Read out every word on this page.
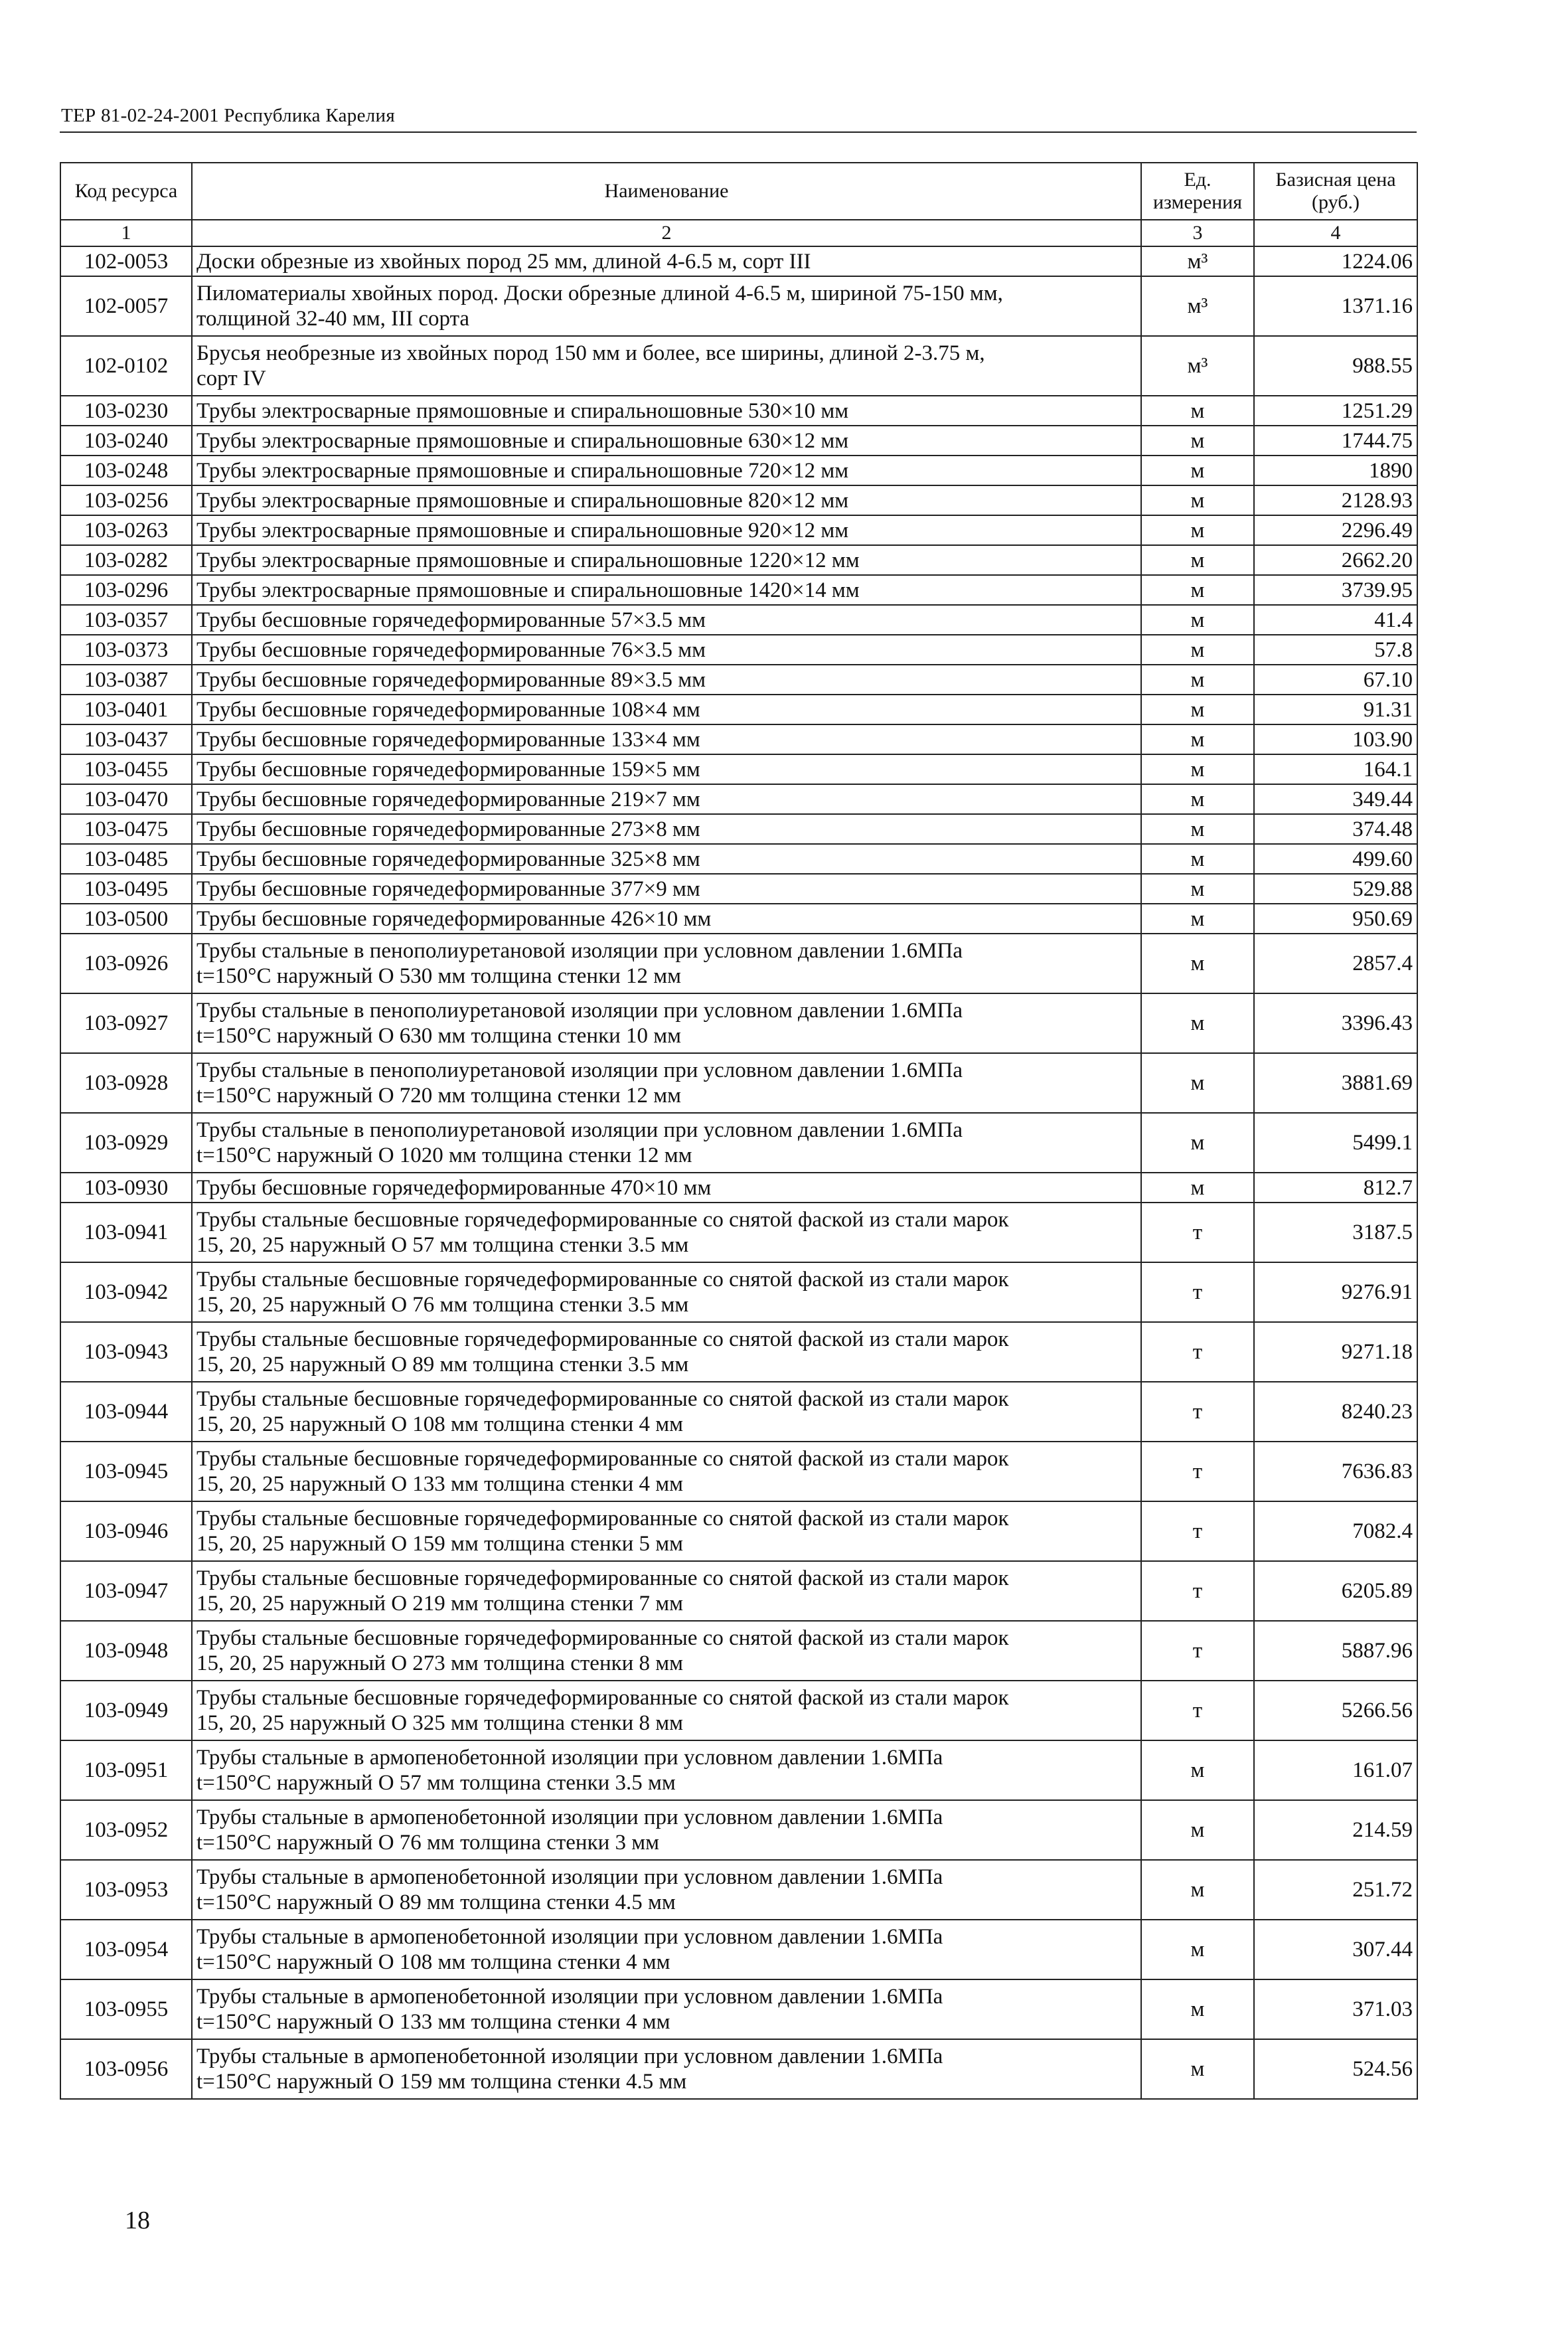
ТЕР 81-02-24-2001 Республика Карелия
Код ресурса	Наименование	Ед. измерения	Базисная цена (руб.)
1	2	3	4
102-0053	Доски обрезные из хвойных пород 25 мм, длиной 4-6.5 м, сорт III	м³	1224.06
102-0057	Пиломатериалы хвойных пород. Доски обрезные длиной 4-6.5 м, шириной 75-150 мм,
толщиной 32-40 мм, III сорта	м³	1371.16
102-0102	Брусья необрезные из хвойных пород 150 мм и более, все ширины, длиной 2-3.75 м,
сорт IV	м³	988.55
103-0230	Трубы электросварные прямошовные и спиральношовные 530×10 мм	м	1251.29
103-0240	Трубы электросварные прямошовные и спиральношовные 630×12 мм	м	1744.75
103-0248	Трубы электросварные прямошовные и спиральношовные 720×12 мм	м	1890
103-0256	Трубы электросварные прямошовные и спиральношовные 820×12 мм	м	2128.93
103-0263	Трубы электросварные прямошовные и спиральношовные 920×12 мм	м	2296.49
103-0282	Трубы электросварные прямошовные и спиральношовные 1220×12 мм	м	2662.20
103-0296	Трубы электросварные прямошовные и спиральношовные 1420×14 мм	м	3739.95
103-0357	Трубы бесшовные горячедеформированные 57×3.5 мм	м	41.4
103-0373	Трубы бесшовные горячедеформированные 76×3.5 мм	м	57.8
103-0387	Трубы бесшовные горячедеформированные 89×3.5 мм	м	67.10
103-0401	Трубы бесшовные горячедеформированные 108×4 мм	м	91.31
103-0437	Трубы бесшовные горячедеформированные 133×4 мм	м	103.90
103-0455	Трубы бесшовные горячедеформированные 159×5 мм	м	164.1
103-0470	Трубы бесшовные горячедеформированные 219×7 мм	м	349.44
103-0475	Трубы бесшовные горячедеформированные 273×8 мм	м	374.48
103-0485	Трубы бесшовные горячедеформированные 325×8 мм	м	499.60
103-0495	Трубы бесшовные горячедеформированные 377×9 мм	м	529.88
103-0500	Трубы бесшовные горячедеформированные 426×10 мм	м	950.69
103-0926	Трубы стальные в пенополиуретановой изоляции при условном давлении 1.6МПа
t=150°С наружный О 530 мм толщина стенки 12 мм	м	2857.4
103-0927	Трубы стальные в пенополиуретановой изоляции при условном давлении 1.6МПа
t=150°С наружный О 630 мм толщина стенки 10 мм	м	3396.43
103-0928	Трубы стальные в пенополиуретановой изоляции при условном давлении 1.6МПа
t=150°С наружный О 720 мм толщина стенки 12 мм	м	3881.69
103-0929	Трубы стальные в пенополиуретановой изоляции при условном давлении 1.6МПа
t=150°С наружный О 1020 мм толщина стенки 12 мм	м	5499.1
103-0930	Трубы бесшовные горячедеформированные 470×10 мм	м	812.7
103-0941	Трубы стальные бесшовные горячедеформированные со снятой фаской из стали марок
15, 20, 25 наружный О 57 мм толщина стенки 3.5 мм	т	3187.5
103-0942	Трубы стальные бесшовные горячедеформированные со снятой фаской из стали марок
15, 20, 25 наружный О 76 мм толщина стенки 3.5 мм	т	9276.91
103-0943	Трубы стальные бесшовные горячедеформированные со снятой фаской из стали марок
15, 20, 25 наружный О 89 мм толщина стенки 3.5 мм	т	9271.18
103-0944	Трубы стальные бесшовные горячедеформированные со снятой фаской из стали марок
15, 20, 25 наружный О 108 мм толщина стенки 4 мм	т	8240.23
103-0945	Трубы стальные бесшовные горячедеформированные со снятой фаской из стали марок
15, 20, 25 наружный О 133 мм толщина стенки 4 мм	т	7636.83
103-0946	Трубы стальные бесшовные горячедеформированные со снятой фаской из стали марок
15, 20, 25 наружный О 159 мм толщина стенки 5 мм	т	7082.4
103-0947	Трубы стальные бесшовные горячедеформированные со снятой фаской из стали марок
15, 20, 25 наружный О 219 мм толщина стенки 7 мм	т	6205.89
103-0948	Трубы стальные бесшовные горячедеформированные со снятой фаской из стали марок
15, 20, 25 наружный О 273 мм толщина стенки 8 мм	т	5887.96
103-0949	Трубы стальные бесшовные горячедеформированные со снятой фаской из стали марок
15, 20, 25 наружный О 325 мм толщина стенки 8 мм	т	5266.56
103-0951	Трубы стальные в армопенобетонной изоляции при условном давлении 1.6МПа
t=150°С наружный О 57 мм толщина стенки 3.5 мм	м	161.07
103-0952	Трубы стальные в армопенобетонной изоляции при условном давлении 1.6МПа
t=150°С наружный О 76 мм толщина стенки 3 мм	м	214.59
103-0953	Трубы стальные в армопенобетонной изоляции при условном давлении 1.6МПа
t=150°С наружный О 89 мм толщина стенки 4.5 мм	м	251.72
103-0954	Трубы стальные в армопенобетонной изоляции при условном давлении 1.6МПа
t=150°С наружный О 108 мм толщина стенки 4 мм	м	307.44
103-0955	Трубы стальные в армопенобетонной изоляции при условном давлении 1.6МПа
t=150°С наружный О 133 мм толщина стенки 4 мм	м	371.03
103-0956	Трубы стальные в армопенобетонной изоляции при условном давлении 1.6МПа
t=150°С наружный О 159 мм толщина стенки 4.5 мм	м	524.56
18
